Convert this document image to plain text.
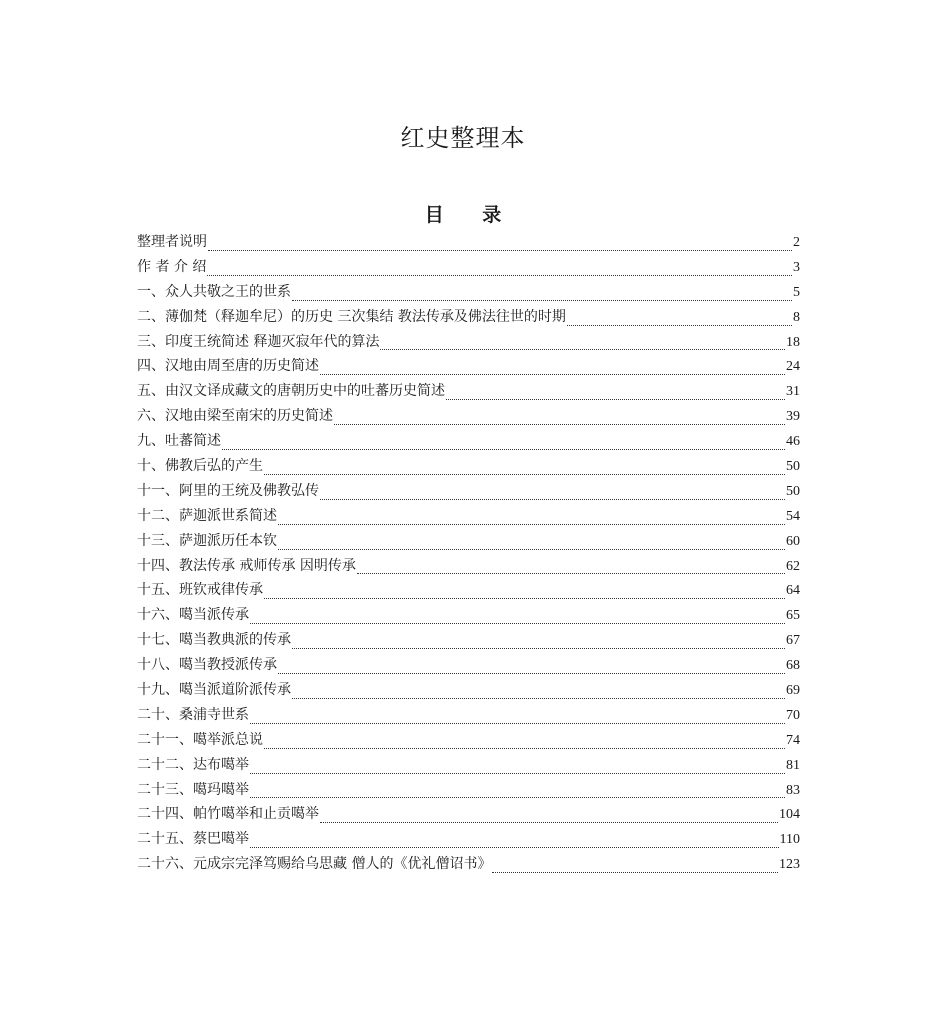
红史整理本
目 录
整理者说明	2
作 者 介 绍	3
一、众人共敬之王的世系	5
二、薄伽梵（释迦牟尼）的历史 三次集结 教法传承及佛法往世的时期	8
三、印度王统简述 释迦灭寂年代的算法	18
四、汉地由周至唐的历史简述	24
五、由汉文译成藏文的唐朝历史中的吐蕃历史简述	31
六、汉地由梁至南宋的历史简述	39
九、吐蕃简述	46
十、佛教后弘的产生	50
十一、阿里的王统及佛教弘传	50
十二、萨迦派世系简述	54
十三、萨迦派历任本钦	60
十四、教法传承 戒师传承 因明传承	62
十五、班钦戒律传承	64
十六、噶当派传承	65
十七、噶当教典派的传承	67
十八、噶当教授派传承	68
十九、噶当派道阶派传承	69
二十、桑浦寺世系	70
二十一、噶举派总说	74
二十二、达布噶举	81
二十三、噶玛噶举	83
二十四、帕竹噶举和止贡噶举	104
二十五、蔡巴噶举	110
二十六、元成宗完泽笃赐给乌思藏 僧人的《优礼僧诏书》	123
